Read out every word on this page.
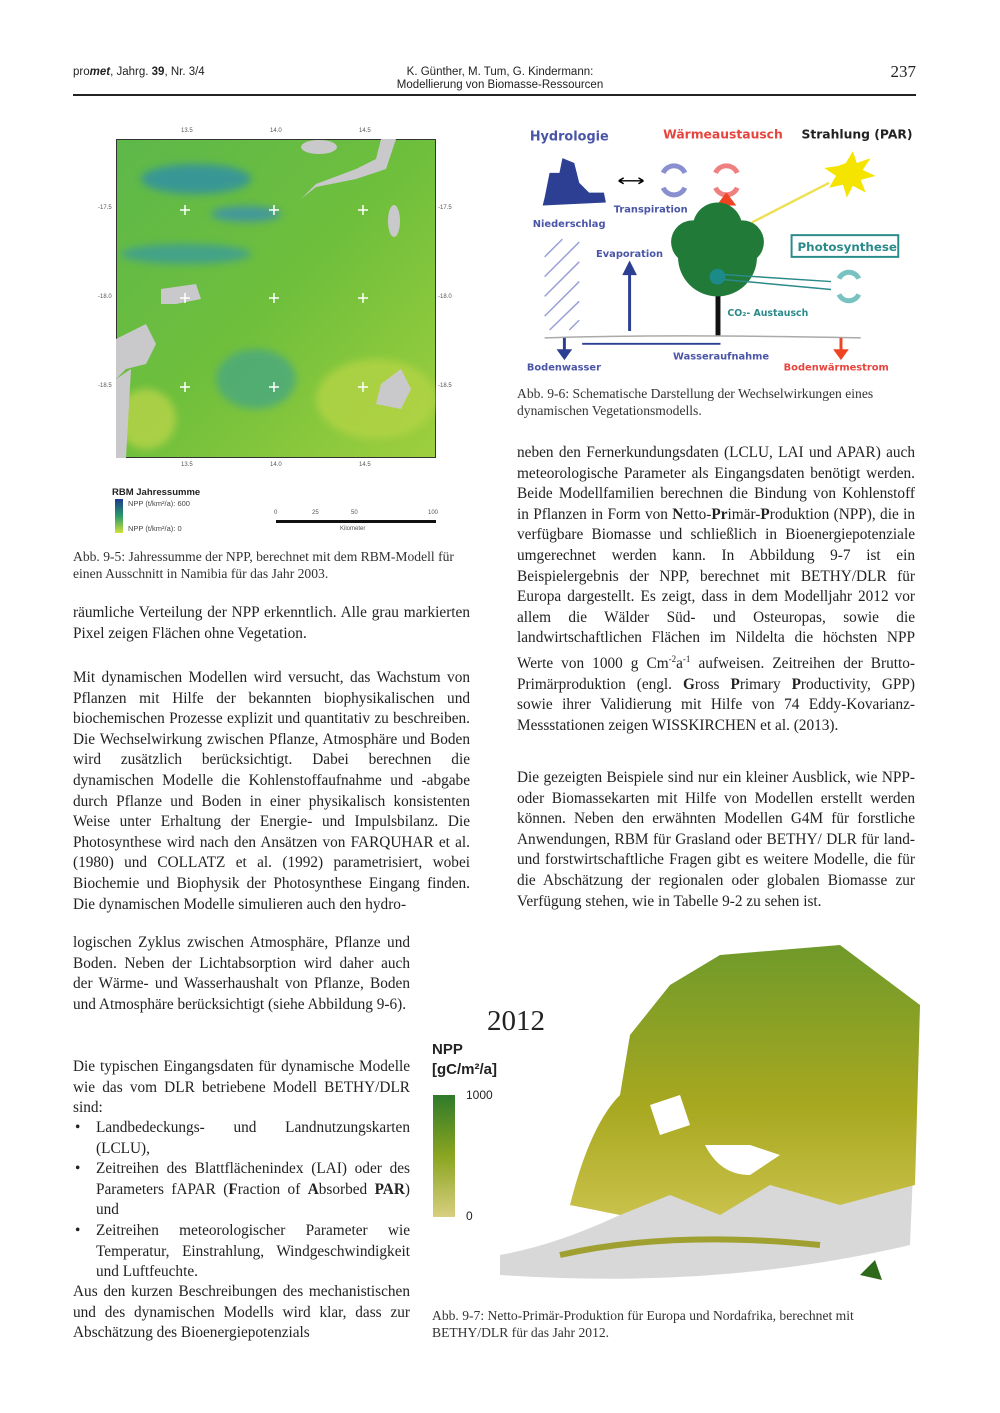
promet, Jahrg. 39, Nr. 3/4	K. Günther, M. Tum, G. Kindermann:
Modellierung von Biomasse-Ressourcen
237
13.5	14.0	14.5
13.5	14.0	14.5
-17.5
-18.0
-18.5
-17.5
-18.0
-18.5
RBM Jahressumme
NPP (t/km²/a): 600
NPP (t/km²/a): 0
0	25	50	100
Kilometer
Abb. 9-5: Jahressumme der NPP, berechnet mit dem RBM-Modell für einen Ausschnitt in Namibia für das Jahr 2003.
Hydrologie	Wärmeaustausch Strahlung (PAR)
Transpiration
Niederschlag
Evaporation
Photosynthese
CO₂- Austausch
Wasseraufnahme
Bodenwasser	Bodenwärmestrom
Abb. 9-6: Schematische Darstellung der Wechselwirkungen eines dynamischen Vegetationsmodells.
räumliche Verteilung der NPP erkenntlich. Alle grau markierten Pixel zeigen Flächen ohne Vegetation.
Mit dynamischen Modellen wird versucht, das Wachstum von Pflanzen mit Hilfe der bekannten biophysikalischen und biochemischen Prozesse explizit und quantitativ zu beschreiben. Die Wechselwirkung zwischen Pflanze, Atmosphäre und Boden wird zusätzlich berücksichtigt. Dabei berechnen die dynamischen Modelle die Kohlenstoffaufnahme und -abgabe durch Pflanze und Boden in einer physikalisch konsistenten Weise unter Erhaltung der Energie- und Impulsbilanz. Die Photosynthese wird nach den Ansätzen von FARQUHAR et al. (1980) und COLLATZ et al. (1992) parametrisiert, wobei Biochemie und Biophysik der Photosynthese Eingang finden. Die dynamischen Modelle simulieren auch den hydro-
logischen Zyklus zwischen Atmosphäre, Pflanze und Boden. Neben der Lichtabsorption wird daher auch der Wärme- und Wasserhaushalt von Pflanze, Boden und Atmosphäre berücksichtigt (siehe Abbildung 9-6).
Die typischen Eingangsdaten für dynamische Modelle wie das vom DLR betriebene Modell BETHY/DLR sind:
• Landbedeckungs- und Landnutzungskarten (LCLU),
• Zeitreihen des Blattflächenindex (LAI) oder des Parameters fAPAR (Fraction of Absorbed PAR) und
• Zeitreihen meteorologischer Parameter wie Temperatur, Einstrahlung, Windgeschwindigkeit und Luftfeuchte.
Aus den kurzen Beschreibungen des mechanistischen und des dynamischen Modells wird klar, dass zur Abschätzung des Bioenergiepotenzials
neben den Fernerkundungsdaten (LCLU, LAI und APAR) auch meteorologische Parameter als Eingangsdaten benötigt werden. Beide Modellfamilien berechnen die Bindung von Kohlenstoff in Pflanzen in Form von Netto-Primär-Produktion (NPP), die in verfügbare Biomasse und schließlich in Bioenergiepotenziale umgerechnet werden kann. In Abbildung 9-7 ist ein Beispielergebnis der NPP, berechnet mit BETHY/DLR für Europa dargestellt. Es zeigt, dass in dem Modelljahr 2012 vor allem die Wälder Süd- und Osteuropas, sowie die landwirtschaftlichen Flächen im Nildelta die höchsten NPP Werte von 1000 g $Cm^{-2}a^{-1}$ aufweisen. Zeitreihen der Brutto-Primärproduktion (engl. Gross Primary Productivity, GPP) sowie ihrer Validierung mit Hilfe von 74 Eddy-Kovarianz-Messstationen zeigen WISSKIRCHEN et al. (2013).
Die gezeigten Beispiele sind nur ein kleiner Ausblick, wie NPP- oder Biomassekarten mit Hilfe von Modellen erstellt werden können. Neben den erwähnten Modellen G4M für forstliche Anwendungen, RBM für Grasland oder BETHY/ DLR für land- und forstwirtschaftliche Fragen gibt es weitere Modelle, die für die Abschätzung der regionalen oder globalen Biomasse zur Verfügung stehen, wie in Tabelle 9-2 zu sehen ist.
2012
NPP
[gC/m²/a]
1000
0
Abb. 9-7: Netto-Primär-Produktion für Europa und Nordafrika, berechnet mit BETHY/DLR für das Jahr 2012.
